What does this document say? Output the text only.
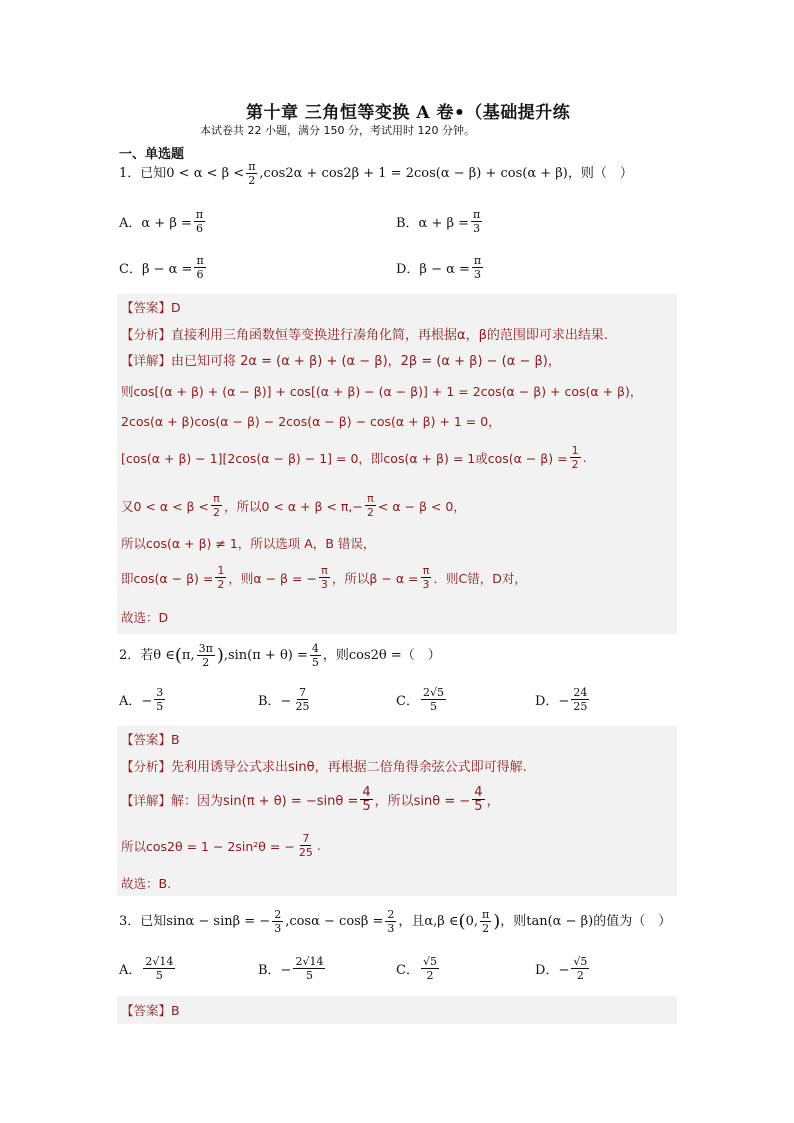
第十章 三角恒等变换 A 卷•（基础提升练
本试卷共 22 小题，满分 150 分，考试用时 120 分钟。
一、单选题
1．已知 $0 < \alpha < \beta < \frac{\pi}{2} ,\cos 2\alpha + \cos 2\beta + 1 = 2\cos(\alpha - \beta) + \cos(\alpha + \beta)$，则（　）
A．$\alpha + \beta = \frac{\pi}{6}$	B．$\alpha + \beta = \frac{\pi}{3}$
C．$\beta - \alpha = \frac{\pi}{6}$	D．$\beta - \alpha = \frac{\pi}{3}$
【答案】D
【分析】 直接利用三角函数恒等变换进行凑角化简，再根据α，β的范围即可求出结果.
【详解】 由已知可将 2α = (α + β) + (α − β)，2β = (α + β) − (α − β)，
则cos[(α + β) + (α − β)] + cos[(α + β) − (α − β)] + 1 = 2cos(α − β) + cos(α + β)，
2cos(α + β)cos(α − β) − 2cos(α − β) − cos(α + β) + 1 = 0，
[cos(α + β) − 1][2cos(α − β) − 1] = 0，即cos(α + β) = 1或$\cos(\alpha - \beta) = \frac{1}{2}$ .
又$0 < \alpha < \beta < \frac{\pi}{2}$ ，所以$0 < \alpha + \beta < \pi,- \frac{\pi}{2} < \alpha - \beta < 0$，
所以cos(α + β) ≠ 1，所以选项 A，B 错误，
即$\cos(\alpha - \beta) = \frac{1}{2}$ ，则α − β = − $\frac{\pi}{3}$ ，所以$\beta - \alpha = \frac{\pi}{3}$ ．则C错，D对，
故选：D
2．若θ ∈ ( π, $\frac{3\pi}{2}$ ) $,\sin(\pi + \theta) = \frac{4}{5}$ ，则cos2θ =（　）
A．− $\frac{3}{5}$	B．− $\frac{7}{25}$	C． $\frac{2√5}{5}$	D．− $\frac{24}{25}$
【答案】B
【分析】 先利用诱导公式求出sinθ，再根据二倍角得余弦公式即可得解.
【详解】 解：因为$\sin(\pi + \theta) = -\sin\theta = \frac{4}{5}$ ，所以sinθ = − $\frac{4}{5}$ ，
所以cos2θ = 1 − 2sin²θ = − $\frac{7}{25}$ .
故选：B.
3．已知sinα − sinβ = − $\frac{2}{3} ,\cos\alpha - \cos\beta = \frac{2}{3}$ ，且α,β ∈ ( 0, $\frac{\pi}{2}$ ) ，则tan(α − β)的值为（　）
A． $\frac{2√14}{5}$	B．− $\frac{2√14}{5}$	C． $\frac{√5}{2}$	D．− $\frac{√5}{2}$
【答案】B
